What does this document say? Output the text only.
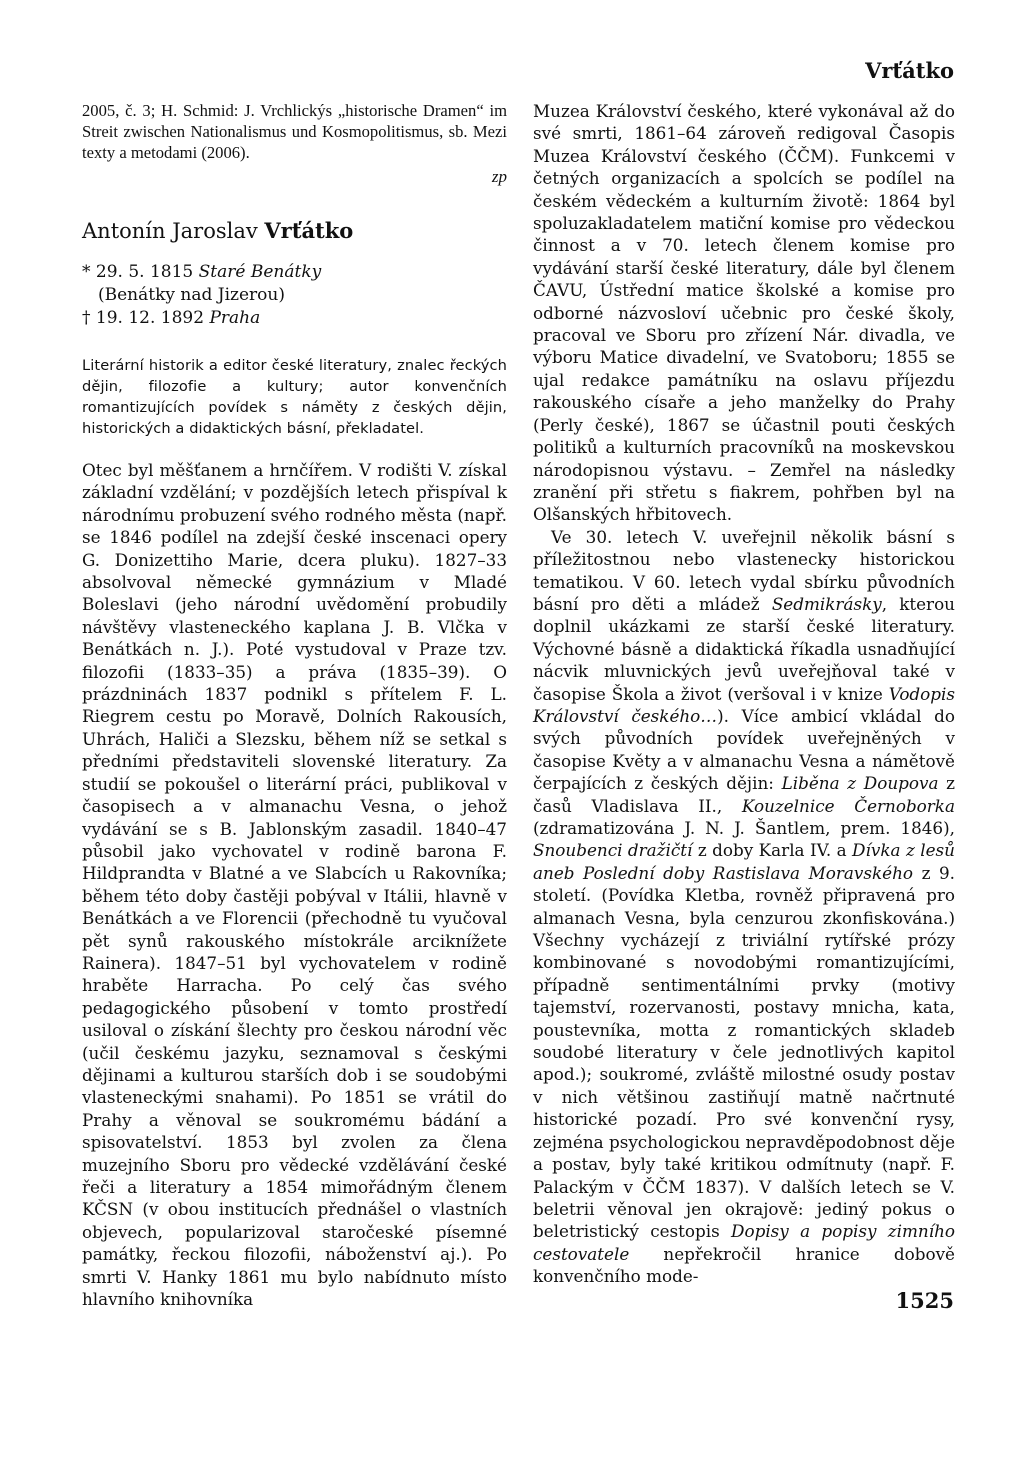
Vrťátko

2005, č. 3; H. Schmid: J. Vrchlickýs „historische Dramen“ im Streit zwischen Nationalismus und Kosmopolitismus, sb. Mezi texty a metodami (2006).

zp

Antonín Jaroslav Vrťátko
* 29. 5. 1815 Staré Benátky
(Benátky nad Jizerou)
† 19. 12. 1892 Praha

Literární historik a editor české literatury, znalec řeckých dějin, filozofie a kultury; autor konvenčních romantizujících povídek s náměty z českých dějin, historických a didaktických básní, překladatel.

Otec byl měšťanem a hrnčířem. V rodišti V. získal základní vzdělání; v pozdějších letech přispíval k národnímu probuzení svého rodného města (např. se 1846 podílel na zdejší české inscenaci opery G. Donizettiho Marie, dcera pluku). 1827–33 absolvoval německé gymnázium v Mladé Boleslavi (jeho národní uvědomění probudily návštěvy vlasteneckého kaplana J. B. Vlčka v Benátkách n. J.). Poté vystudoval v Praze tzv. filozofii (1833–35) a práva (1835–39). O prázdninách 1837 podnikl s přítelem F. L. Riegrem cestu po Moravě, Dolních Rakousích, Uhrách, Haliči a Slezsku, během níž se setkal s předními představiteli slovenské literatury. Za studií se pokoušel o literární práci, publikoval v časopisech a v almanachu Vesna, o jehož vydávání se s B. Jablonským zasadil. 1840–47 působil jako vychovatel v rodině barona F. Hildprandta v Blatné a ve Slabcích u Rakovníka; během této doby častěji pobýval v Itálii, hlavně v Benátkách a ve Florencii (přechodně tu vyučoval pět synů rakouského místokrále arciknížete Rainera). 1847–51 byl vychovatelem v rodině hraběte Harracha. Po celý čas svého pedagogického působení v tomto prostředí usiloval o získání šlechty pro českou národní věc (učil českému jazyku, seznamoval s českými dějinami a kulturou starších dob i se soudobými vlasteneckými snahami). Po 1851 se vrátil do Prahy a věnoval se soukromému bádání a spisovatelství. 1853 byl zvolen za člena muzejního Sboru pro vědecké vzdělávání české řeči a literatury a 1854 mimořádným členem KČSN (v obou institucích přednášel o vlastních objevech, popularizoval staročeské písemné památky, řeckou filozofii, náboženství aj.). Po smrti V. Hanky 1861 mu bylo nabídnuto místo hlavního knihovníka

Muzea Království českého, které vykonával až do své smrti, 1861–64 zároveň redigoval Časopis Muzea Království českého (ČČM). Funkcemi v četných organizacích a spolcích se podílel na českém vědeckém a kulturním životě: 1864 byl spoluzakladatelem matiční komise pro vědeckou činnost a v 70. letech členem komise pro vydávání starší české literatury, dále byl členem ČAVU, Ústřední matice školské a komise pro odborné názvosloví učebnic pro české školy, pracoval ve Sboru pro zřízení Nár. divadla, ve výboru Matice divadelní, ve Svatoboru; 1855 se ujal redakce památníku na oslavu příjezdu rakouského císaře a jeho manželky do Prahy (Perly české), 1867 se účastnil pouti českých politiků a kulturních pracovníků na moskevskou národopisnou výstavu. – Zemřel na následky zranění při střetu s fiakrem, pohřben byl na Olšanských hřbitovech.

Ve 30. letech V. uveřejnil několik básní s příležitostnou nebo vlastenecky historickou tematikou. V 60. letech vydal sbírku původních básní pro děti a mládež Sedmikrásky, kterou doplnil ukázkami ze starší české literatury. Výchovné básně a didaktická říkadla usnadňující nácvik mluvnických jevů uveřejňoval také v časopise Škola a život (veršoval i v knize Vodopis Království českého…). Více ambicí vkládal do svých původních povídek uveřejněných v časopise Květy a v almanachu Vesna a námětově čerpajících z českých dějin: Liběna z Doupova z časů Vladislava II., Kouzelnice Černoborka (zdramatizována J. N. J. Šantlem, prem. 1846), Snoubenci dražičtí z doby Karla IV. a Dívka z lesů aneb Poslední doby Rastislava Moravského z 9. století. (Povídka Kletba, rovněž připravená pro almanach Vesna, byla cenzurou zkonfiskována.) Všechny vycházejí z triviální rytířské prózy kombinované s novodobými romantizujícími, případně sentimentálními prvky (motivy tajemství, rozervanosti, postavy mnicha, kata, poustevníka, motta z romantických skladeb soudobé literatury v čele jednotlivých kapitol apod.); soukromé, zvláště milostné osudy postav v nich většinou zastiňují matně načrtnuté historické pozadí. Pro své konvenční rysy, zejména psychologickou nepravděpodobnost děje a postav, byly také kritikou odmítnuty (např. F. Palackým v ČČM 1837). V dalších letech se V. beletrii věnoval jen okrajově: jediný pokus o beletristický cestopis Dopisy a popisy zimního cestovatele nepřekročil hranice dobově konvenčního mode-

1525
